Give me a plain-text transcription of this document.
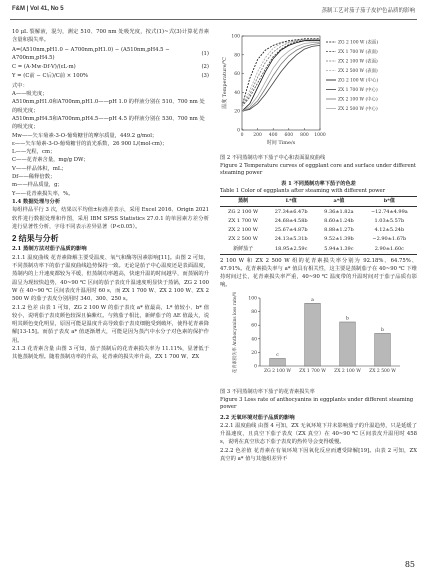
F&M | Vol 41, No 5	蒸制工艺对茄子茄子皮护色品质的影响

10 μL 裂解液，混匀，测定 510、700 nm 处吸光度，按式(1)~式(3)计算花青素含量和损失率。

A=(A510nm,pH1.0 − A700nm,pH1.0) − (A510nm,pH4.5 − A700nm,pH4.5)
(1)
C = (A·Mw·Df·V)/(εL·m)	(2)
Y = (C前 − C后)/C前 × 100%	(3)
式中：
A——吸光度；
A510nm,pH1.0和A700nm,pH1.0——pH 1.0 的样液分别在 510、700 nm 处的吸光度；
A510nm,pH4.5和A700nm,pH4.5——pH 4.5 的样液分别在 530、700 nm 处的吸光度；
Mw——矢车菊素-3-O-葡萄糖苷的摩尔质量，449.2 g/mol；
ε——矢车菊素-3-O-葡萄糖苷的消光系数，26 900 L/(mol·cm)；
L——光程，cm；
C——花青素含量，mg/g DW；
V——样品体积，mL；
Df——稀释倍数；
m——样品质量，g；
Y——花青素损失率，%。
1.4 数据处理与分析

每组样品平行 3 次，结果以平均值±标准差表示，采用 Excel 2016、Origin 2021 软件进行数据处理和作图，采用 IBM SPSS Statistics 27.0.1 的单因素方差分析进行显著性分析，字母不同表示差异显著（P<0.05）。

2 结果与分析
2.1 蒸制方法对茄子品质的影响

2.1.1 温度曲线 花青素降解主要受温度、氧气和酶等因素影响[11]。由图 2 可知，不同蒸制功率下的茄子温度曲线趋势保持一致。无论是茄子中心温度还是表面温度，蒸制内的上升速度都较为平缓，但蒸制功率越高，快速升温的时间越早，而蒸锅的升温呈为现较快趋势，40~90 ℃ 区间的茄子表皮升温速度明显快于蒸锅，ZG 2 100 W 在 40~90 ℃ 区间表皮升温用时 60 s，而 ZX 1 700 W、ZX 2 100 W、ZX 2 500 W 的茄子表皮分别用时 340、300、250 s。

2.1.2 色差 由表 1 可知，ZG 2 100 W 的茄子表皮 a* 值最高，L* 值较小、b* 值较小，说明茄子表皮颜色较深且偏紫红。与熟茄子相比，新鲜茄子的 ΔE 值最大，说明其颜色变化明显，原因可能是温度升高导致茄子表皮细胞受到破坏，使得花青素降解[13-15]。而茄子表皮 a* 值逐渐增大，可能是因为蒸汽中水分子对色素的保护作用。

2.1.3 花青素含量 由图 3 可知，茄子蒸制后的花青素损失率为 11.11%，显著低于其他蒸制处理。随着蒸制功率的升高，花青素的损失率升高，ZX 1 700 W、ZX

0
20
40
60
80
100
0 200 400 600 800 1000
时间 Time/s
温度 Temperature/℃
ZG 2 100 W (表面)
ZX 1 700 W (表面)
ZX 2 100 W (表面)
ZX 2 500 W (表面)
ZG 2 100 W (中心)
ZX 1 700 W (中心)
ZX 2 100 W (中心)
ZX 2 500 W (中心)
图 2 不同蒸制功率下茄子中心和表面温度曲线
Figure 2 Temperature curves of eggplant core and surface under different steaming power
表 1 不同蒸制功率下茄子的色差
Table 1 Color of eggplants after steaming with different power
蒸制	L*值	a*值	b*值
ZG 2 100 W	27.34±6.47b	9.36±1.82a	−12.74±4.99a
ZX 1 700 W	24.68±4.58b	8.60±1.24b	1.03±5.57b
ZX 2 100 W	25.67±4.87b	8.88±1.27b	4.12±5.24b
ZX 2 500 W	24.13±5.31b	9.52±1.39b	−2.90±1.67b
新鲜茄子	18.95±2.59c	5.94±1.39c	2.90±1.60c

2 100 W 和 ZX 2 500 W 组的花青素损失率分别为 92.18%、64.75%、47.91%。花青素损失率与 a* 值具有相关性，这主要是蒸制茄子在 40~90 ℃ 下维持时间过长，花青素损失率严重，40~90 ℃ 温度带的升温时间对于茄子品质有影响。

0
20
40
60
80
100
花青素损失率 Anthocyanins loss rate/%	c
ZG 2 100 W
a
ZX 1 700 W
b
ZX 2 100 W
b
ZX 2 500 W
图 3 不同蒸制功率下茄子的花青素损失率
Figure 3 Loss rate of anthocyanins in eggplants under different steaming power
2.2 无氧环境对茄子品质的影响

2.2.1 温度曲线 由图 4 可知，ZX 无氧环境下并未影响茄子的升温趋势，只是延缓了升温速度，且真空下茄子表皮（ZX 真空）在 40~90 ℃ 区间表皮升温用时 458 s，说明在真空状态下茄子表皮的热传导会变得缓慢。

2.2.2 色差值 花青素在有氧环境下因氧化反应而遭受降解[19]。由表 2 可知，ZX 真空的 a* 值与其他组差异不

85
